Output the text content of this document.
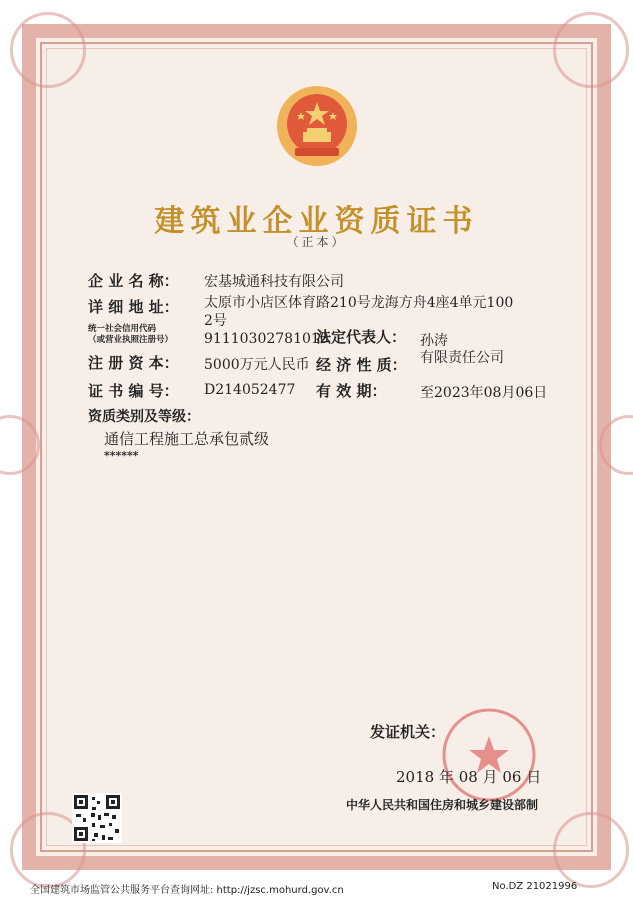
建筑业企业资质证书
（正本）
企 业 名 称： 宏基城通科技有限公司
详 细 地 址： 太原市小店区体育路210号龙海方舟4座4单元100
2号
统一社会信用代码
（或营业执照注册号） 91110302781010
法定代表人： 孙涛
注 册 资 本： 5000万元人民币 经 济 性 质： 有限责任公司
证 书 编 号： D214052477 有 效 期： 至2023年08月06日
资质类别及等级：
通信工程施工总承包贰级
******
发证机关：
2018 年 08 月 06 日
中华人民共和国住房和城乡建设部制
全国建筑市场监管公共服务平台查询网址: http://jzsc.mohurd.gov.cn	No.DZ 21021996
